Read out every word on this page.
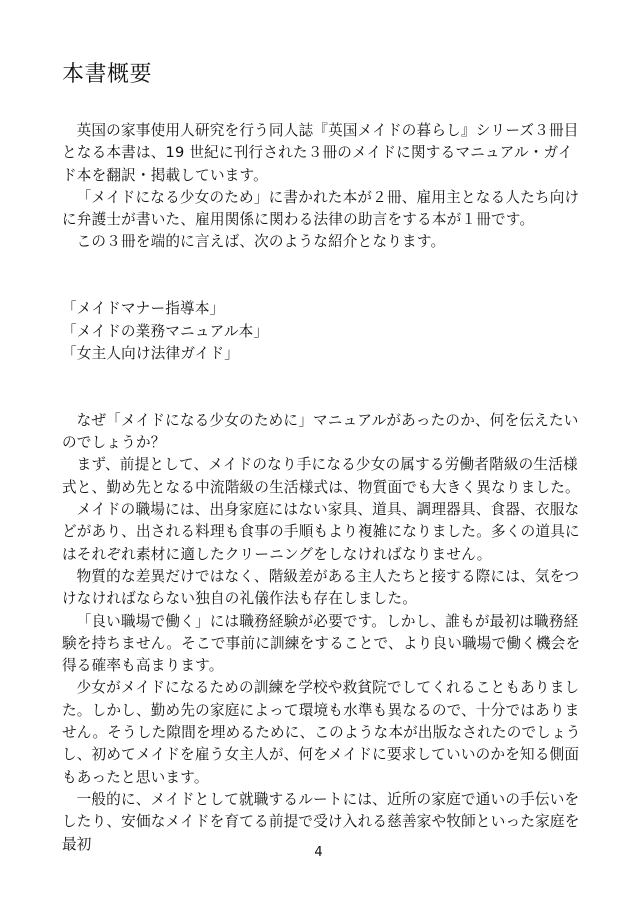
本書概要

英国の家事使用人研究を行う同人誌『英国メイドの暮らし』シリーズ３冊目となる本書は、19 世紀に刊行された３冊のメイドに関するマニュアル・ガイド本を翻訳・掲載しています。

「メイドになる少女のため」に書かれた本が２冊、雇用主となる人たち向けに弁護士が書いた、雇用関係に関わる法律の助言をする本が１冊です。

この３冊を端的に言えば、次のような紹介となります。

「メイドマナー指導本」

「メイドの業務マニュアル本」

「女主人向け法律ガイド」

なぜ「メイドになる少女のために」マニュアルがあったのか、何を伝えたいのでしょうか？

まず、前提として、メイドのなり手になる少女の属する労働者階級の生活様式と、勤め先となる中流階級の生活様式は、物質面でも大きく異なりました。

メイドの職場には、出身家庭にはない家具、道具、調理器具、食器、衣服などがあり、出される料理も食事の手順もより複雑になりました。多くの道具にはそれぞれ素材に適したクリーニングをしなければなりません。

物質的な差異だけではなく、階級差がある主人たちと接する際には、気をつけなければならない独自の礼儀作法も存在しました。

「良い職場で働く」には職務経験が必要です。しかし、誰もが最初は職務経験を持ちません。そこで事前に訓練をすることで、より良い職場で働く機会を得る確率も高まります。

少女がメイドになるための訓練を学校や救貧院でしてくれることもありました。しかし、勤め先の家庭によって環境も水準も異なるので、十分ではありません。そうした隙間を埋めるために、このような本が出版なされたのでしょうし、初めてメイドを雇う女主人が、何をメイドに要求していいのかを知る側面もあったと思います。

一般的に、メイドとして就職するルートには、近所の家庭で通いの手伝いをしたり、安価なメイドを育てる前提で受け入れる慈善家や牧師といった家庭を最初	4
